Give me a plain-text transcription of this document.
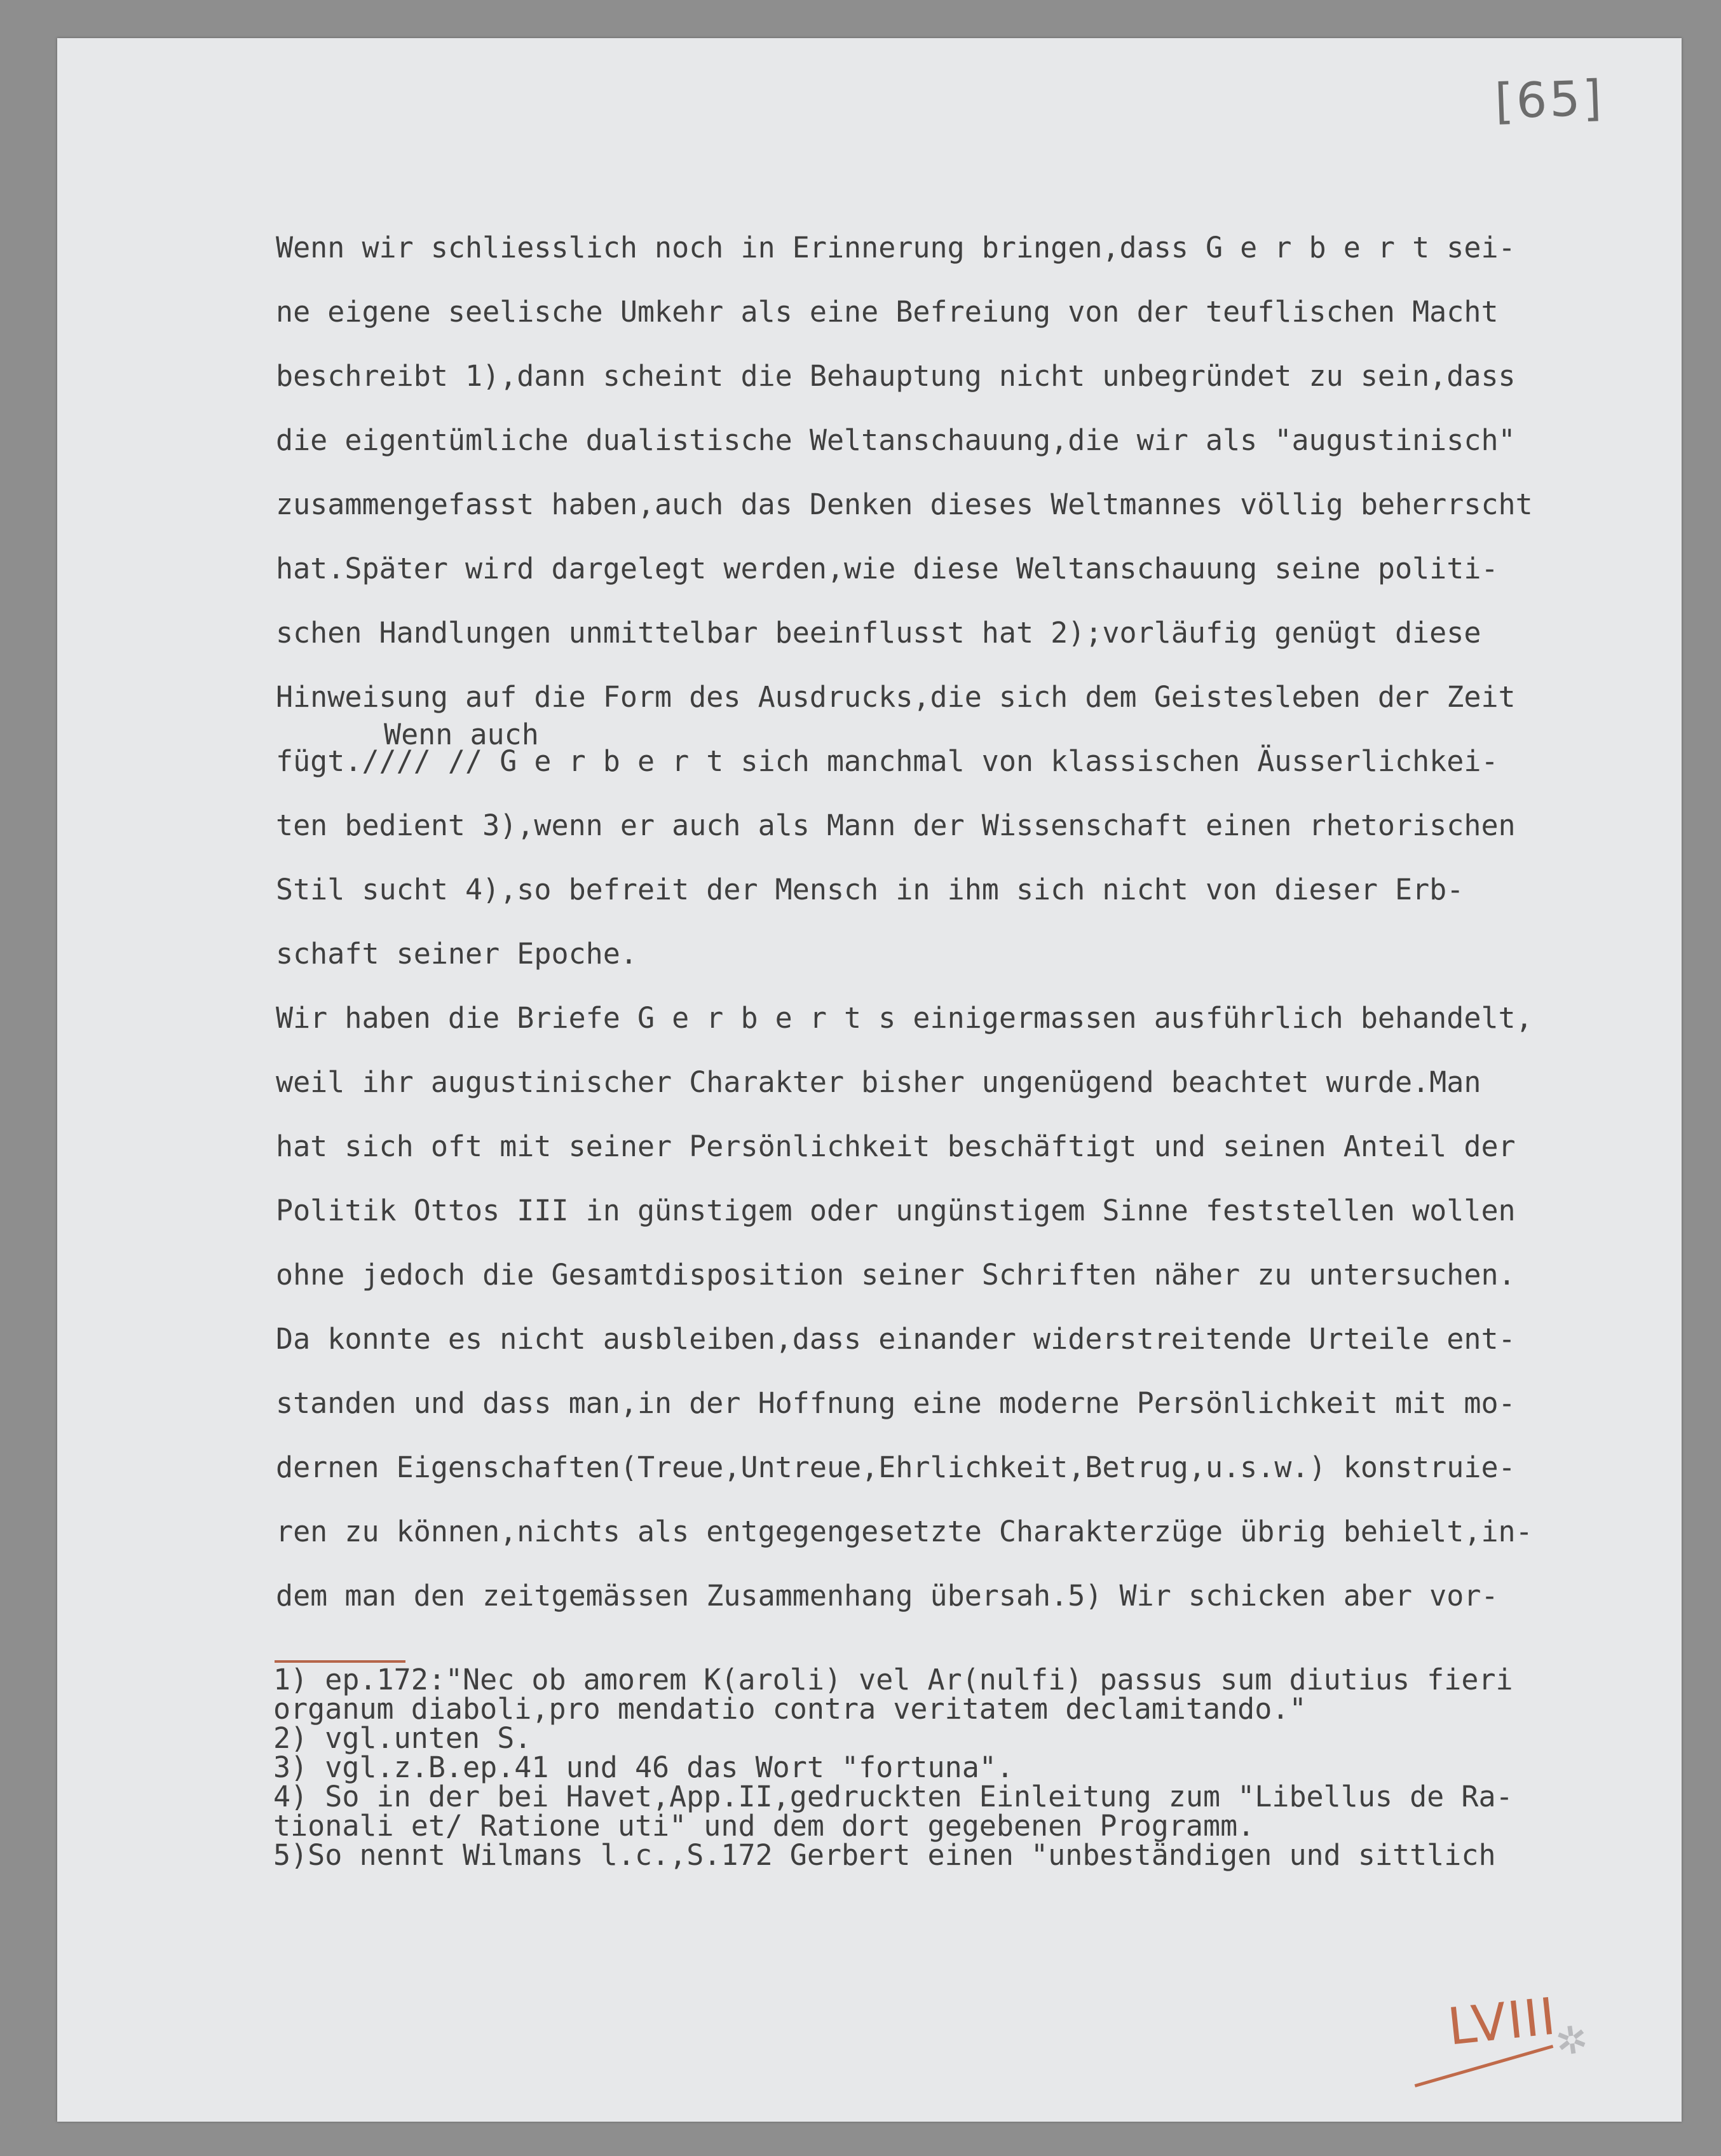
[65]
Wenn auch

Wenn wir schliesslich noch in Erinnerung bringen,dass G e r b e r t sei-

ne eigene seelische Umkehr als eine Befreiung von der teuflischen Macht

beschreibt 1),dann scheint die Behauptung nicht unbegründet zu sein,dass

die eigentümliche dualistische Weltanschauung,die wir als "augustinisch"

zusammengefasst haben,auch das Denken dieses Weltmannes völlig beherrscht

hat.Später wird dargelegt werden,wie diese Weltanschauung seine politi-

schen Handlungen unmittelbar beeinflusst hat 2);vorläufig genügt diese

Hinweisung auf die Form des Ausdrucks,die sich dem Geistesleben der Zeit

fügt.//// // G e r b e r t sich manchmal von klassischen Äusserlichkei-

ten bedient 3),wenn er auch als Mann der Wissenschaft einen rhetorischen

Stil sucht 4),so befreit der Mensch in ihm sich nicht von dieser Erb-

schaft seiner Epoche.

Wir haben die Briefe G e r b e r t s einigermassen ausführlich behandelt,

weil ihr augustinischer Charakter bisher ungenügend beachtet wurde.Man

hat sich oft mit seiner Persönlichkeit beschäftigt und seinen Anteil der

Politik Ottos III in günstigem oder ungünstigem Sinne feststellen wollen

ohne jedoch die Gesamtdisposition seiner Schriften näher zu untersuchen.

Da konnte es nicht ausbleiben,dass einander widerstreitende Urteile ent-

standen und dass man,in der Hoffnung eine moderne Persönlichkeit mit mo-

dernen Eigenschaften(Treue,Untreue,Ehrlichkeit,Betrug,u.s.w.) konstruie-

ren zu können,nichts als entgegengesetzte Charakterzüge übrig behielt,in-

dem man den zeitgemässen Zusammenhang übersah.5) Wir schicken aber vor-

1) ep.172:"Nec ob amorem K(aroli) vel Ar(nulfi) passus sum diutius fieri

organum diaboli,pro mendatio contra veritatem declamitando."

2) vgl.unten S.

3) vgl.z.B.ep.41 und 46 das Wort "fortuna".

4) So in der bei Havet,App.II,gedruckten Einleitung zum "Libellus de Ra-

tionali et/ Ratione uti" und dem dort gegebenen Programm.

5)So nennt Wilmans l.c.,S.172 Gerbert einen "unbeständigen und sittlich

LVIII
✲
